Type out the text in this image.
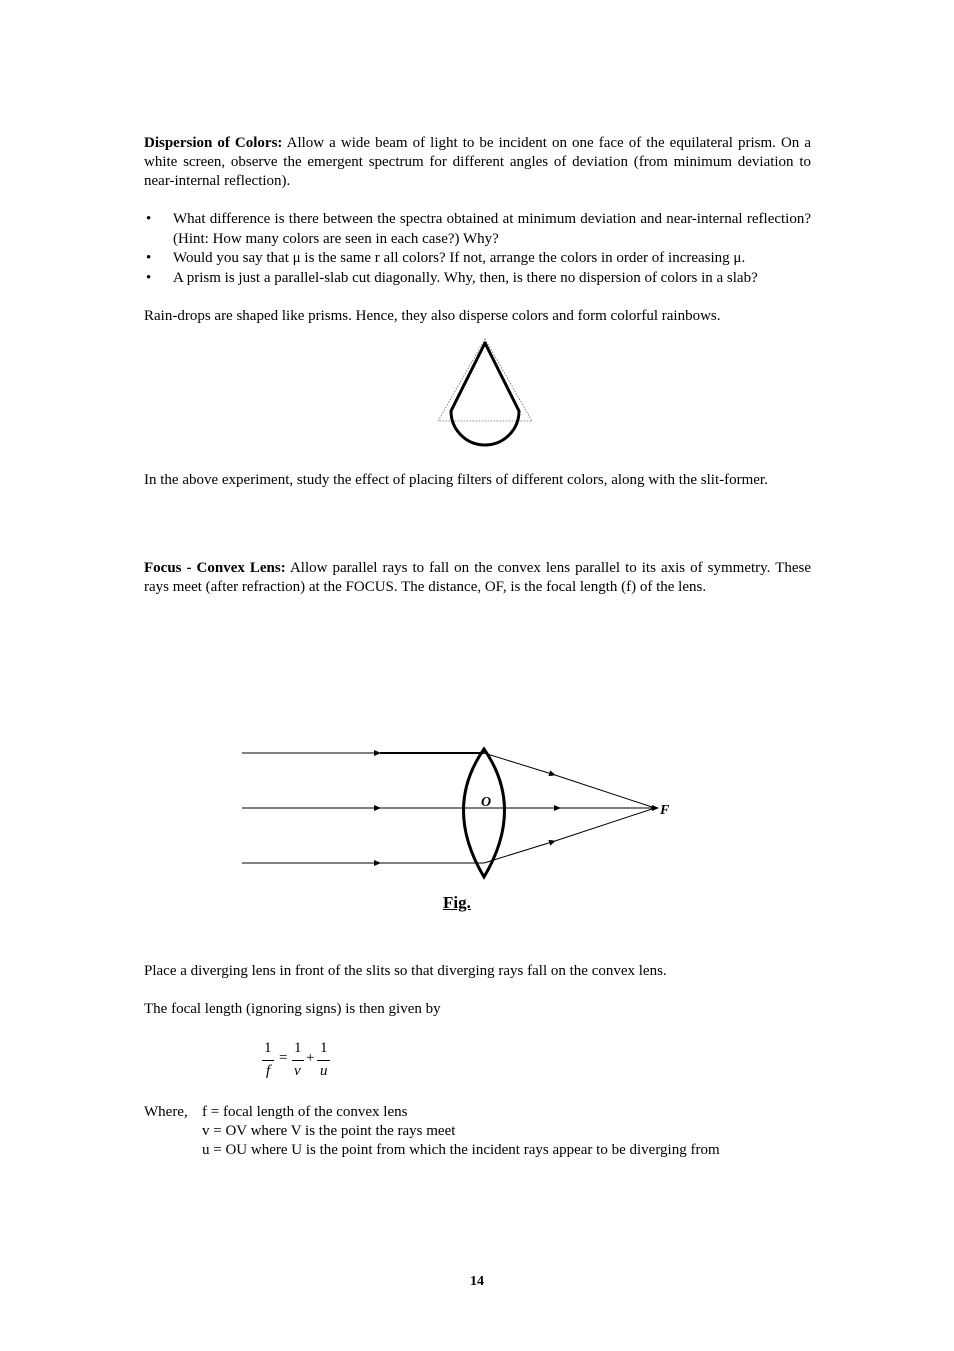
Dispersion of Colors: Allow a wide beam of light to be incident on one face of the equilateral prism. On a white screen, observe the emergent spectrum for different angles of deviation (from minimum deviation to near-internal reflection).
• What difference is there between the spectra obtained at minimum deviation and near-internal reflection? (Hint: How many colors are seen in each case?) Why?
• Would you say that μ is the same r all colors? If not, arrange the colors in order of increasing μ.
• A prism is just a parallel-slab cut diagonally. Why, then, is there no dispersion of colors in a slab?
Rain-drops are shaped like prisms. Hence, they also disperse colors and form colorful rainbows.
In the above experiment, study the effect of placing filters of different colors, along with the slit-former.
Focus - Convex Lens: Allow parallel rays to fall on the convex lens parallel to its axis of symmetry. These rays meet (after refraction) at the FOCUS. The distance, OF, is the focal length (f) of the lens.
O
F
Fig.
Place a diverging lens in front of the slits so that diverging rays fall on the convex lens.
The focal length (ignoring signs) is then given by
1
f
=
1
v
+
1
u
Where, f = focal length of the convex lens
v = OV where V is the point the rays meet
u = OU where U is the point from which the incident rays appear to be diverging from
14
